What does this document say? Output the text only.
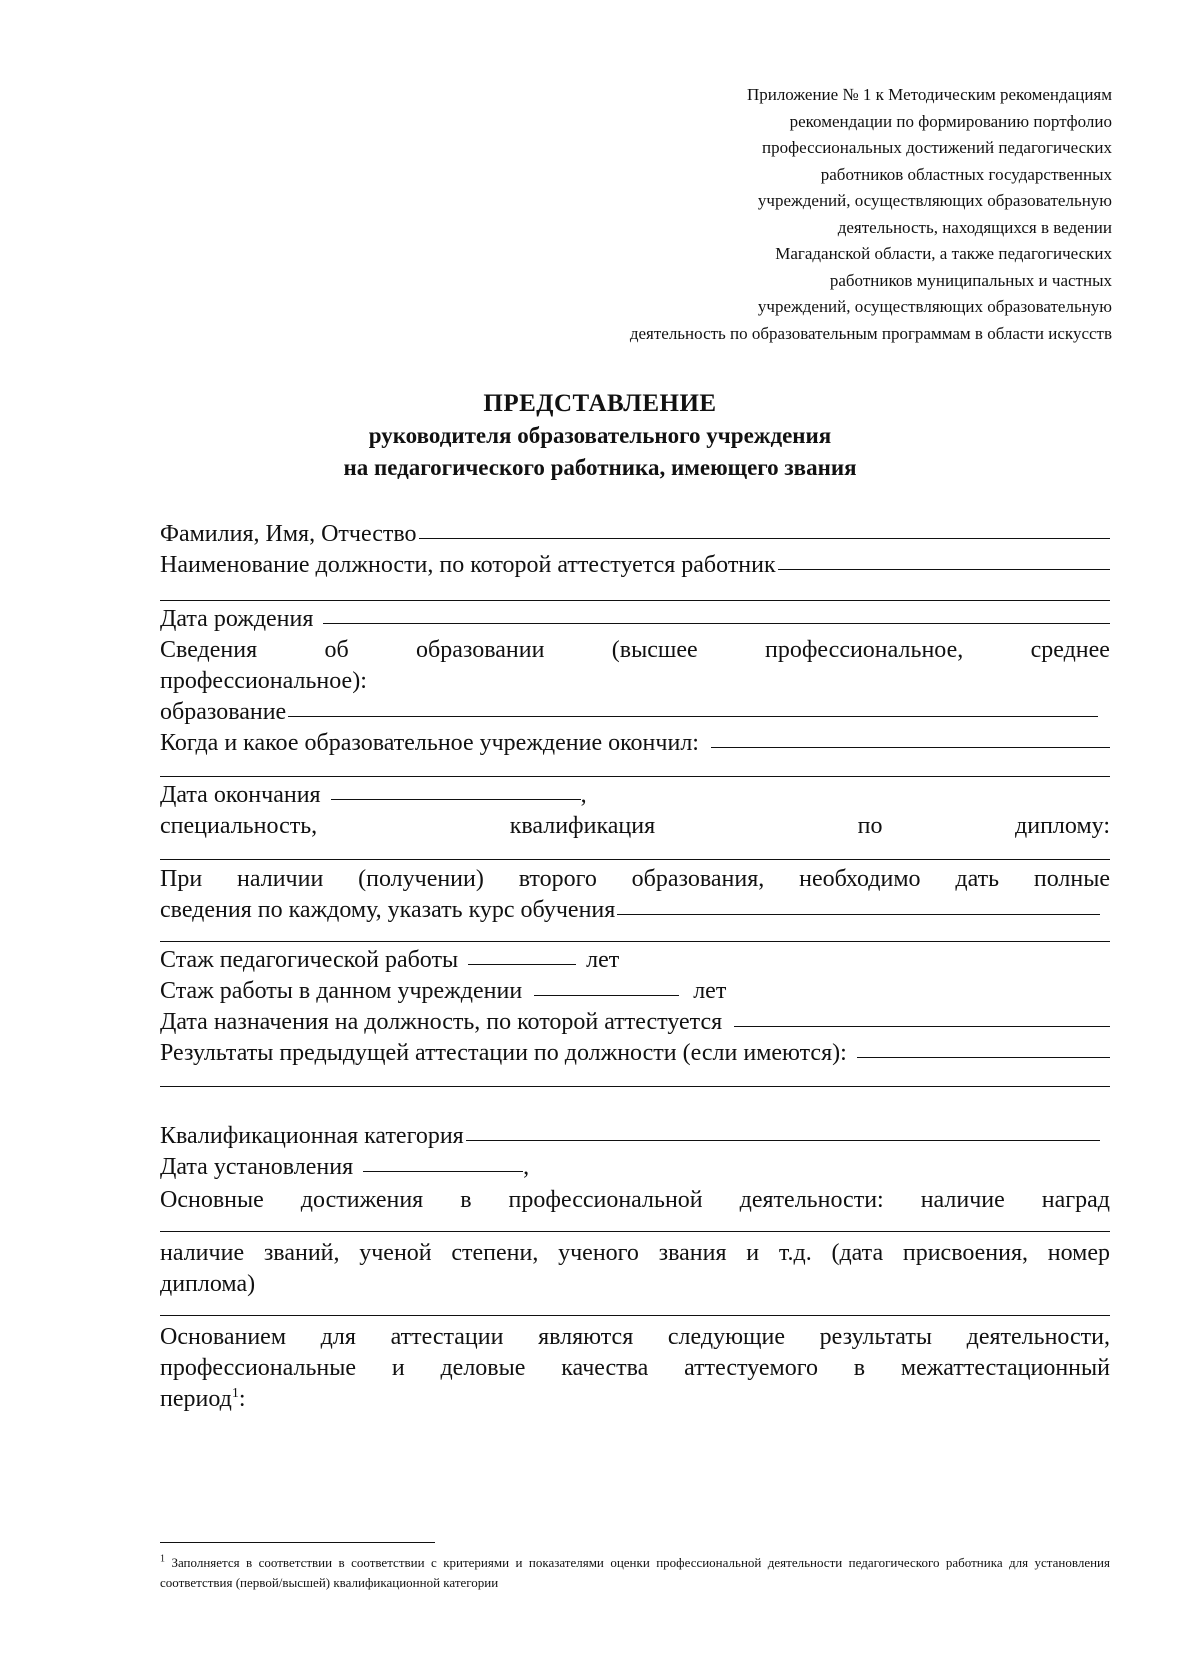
Приложение № 1 к Методическим рекомендациям
рекомендации по формированию портфолио
профессиональных достижений педагогических
работников областных государственных
учреждений, осуществляющих образовательную
деятельность, находящихся в ведении
Магаданской области, а также педагогических
работников муниципальных и частных
учреждений, осуществляющих образовательную
деятельность по образовательным программам в области искусств
ПРЕДСТАВЛЕНИЕ
руководителя образовательного учреждения
на педагогического работника, имеющего звания
Фамилия, Имя, Отчество
Наименование должности, по которой аттестуется работник
Дата рождения
Сведения	об	образовании	(высшее	профессиональное,	среднее
профессиональное):
образование
Когда и какое образовательное учреждение окончил:
Дата окончания	,
специальность,	квалификация	по	диплому:
При наличии (получении) второго образования, необходимо дать полные
сведения по каждому, указать курс обучения
Стаж педагогической работы	лет
Стаж работы в данном учреждении	лет
Дата назначения на должность, по которой аттестуется
Результаты предыдущей аттестации по должности (если имеются):
Квалификационная категория
Дата установления	,
Основные достижения в профессиональной деятельности: наличие наград
наличие званий, ученой степени, ученого звания и т.д. (дата присвоения, номер
диплома)
Основанием для аттестации являются следующие результаты деятельности,
профессиональные и деловые качества аттестуемого в межаттестационный
период$^1$:
$^1$ Заполняется в соответствии в соответствии с критериями и показателями оценки профессиональной деятельности педагогического работника для установления соответствия (первой/высшей) квалификационной категории
